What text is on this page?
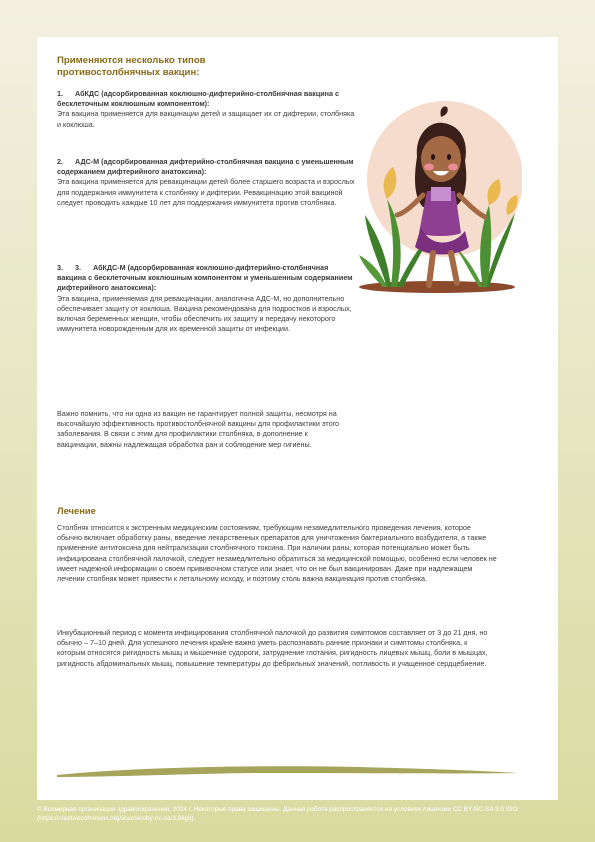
Применяются несколько типов противостолбнячных вакцин:
1. АбКДС (адсорбированная коклюшно-дифтерийно-столбнячная вакцина с бесклеточным коклюшным компонентом):
Эта вакцина применяется для вакцинации детей и защищает их от дифтерии, столбняка и коклюша.
2. АДС-М (адсорбированная дифтерийно-столбнячная вакцина с уменьшенным содержанием дифтерийного анатоксина):
Эта вакцина применяется для ревакцинации детей более старшего возраста и взрослых для поддержания иммунитета к столбняку и дифтерии. Ревакцинацию этой вакциной следует проводить каждые 10 лет для поддержания иммунитета против столбняка.
3. 3. АбКДС-М (адсорбированная коклюшно-дифтерийно-столбнячная вакцина с бесклеточным коклюшным компонентом и уменьшенным содержанием дифтерийного анатоксина):
Эта вакцина, применяемая для ревакцинации, аналогична АДС-М, но дополнительно обеспечивает защиту от коклюша. Вакцина рекомендована для подростков и взрослых, включая беременных женщин, чтобы обеспечить их защиту и передачу некоторого иммунитета новорожденным для их временной защиты от инфекции.
Важно помнить, что ни одна из вакцин не гарантирует полной защиты, несмотря на высочайшую эффективность противостолбнячной вакцины для профилактики этого заболевания. В связи с этим для профилактики столбняка, в дополнение к вакцинации, важны надлежащая обработка ран и соблюдение мер гигиены.
Лечение
Столбняк относится к экстренным медицинским состояниям, требующим незамедлительного проведения лечения, которое обычно включает обработку раны, введение лекарственных препаратов для уничтожения бактериального возбудителя, а также применение антитоксина для нейтрализации столбнячного токсина. При наличии раны, которая потенциально может быть инфицирована столбнячной палочкой, следует незамедлительно обратиться за медицинской помощью, особенно если человек не имеет надежной информации о своем прививочном статусе или знает, что он не был вакцинирован. Даже при надлежащем лечении столбняк может привести к летальному исходу, и поэтому столь важна вакцинация против столбняка.
Инкубационный период с момента инфицирования столбнячной палочкой до развития симптомов составляет от 3 до 21 дня, но обычно – 7–10 дней. Для успешного лечения крайне важно уметь распознавать ранние признаки и симптомы столбняка, к которым относятся ригидность мышц и мышечные судороги, затруднение глотания, ригидность лицевых мышц, боли в мышцах, ригидность абдоминальных мышц, повышение температуры до фебрильных значений, потливость и учащенное сердцебиение.
© Всемирная организация здравоохранения, 2024 г. Некоторые права защищены. Данная работа распространяется на условиях лицензии CC BY-NC-SA 3.0 IGO (https://creativecommons.org/licenses/by-nc-sa/3.0/igo).
